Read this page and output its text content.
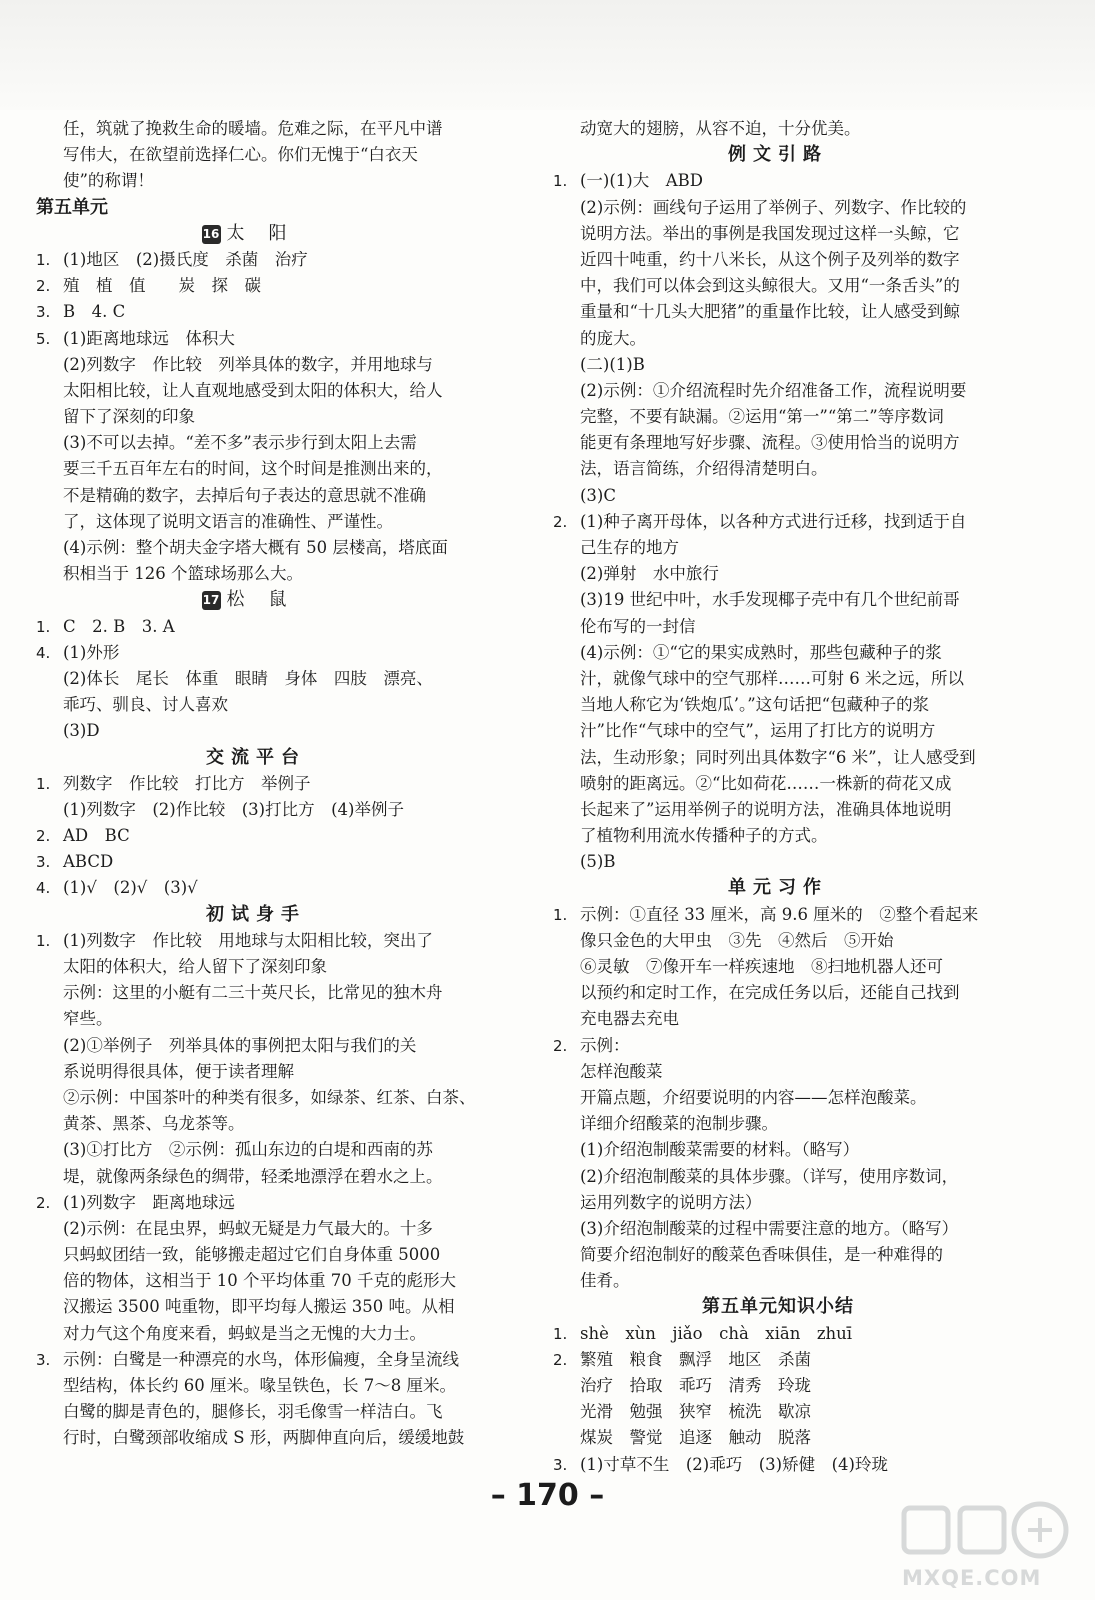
任，筑就了挽救生命的暖墙。危难之际，在平凡中谱
写伟大，在欲望前选择仁心。你们无愧于“白衣天
使”的称谓！
第五单元
16 太阳
1. (1)地区　(2)摄氏度　杀菌　治疗
2. 殖　植　值　　炭　探　碳
3. B　4. C
5. (1)距离地球远　体积大
(2)列数字　作比较　列举具体的数字，并用地球与
太阳相比较，让人直观地感受到太阳的体积大，给人
留下了深刻的印象
(3)不可以去掉。“差不多”表示步行到太阳上去需
要三千五百年左右的时间，这个时间是推测出来的，
不是精确的数字，去掉后句子表达的意思就不准确
了，这体现了说明文语言的准确性、严谨性。
(4)示例：整个胡夫金字塔大概有 50 层楼高，塔底面
积相当于 126 个篮球场那么大。
17 松鼠
1. C　2. B　3. A
4. (1)外形
(2)体长　尾长　体重　眼睛　身体　四肢　漂亮、
乖巧、驯良、讨人喜欢
(3)D
交流平台
1. 列数字　作比较　打比方　举例子
(1)列数字　(2)作比较　(3)打比方　(4)举例子
2. AD　BC
3. ABCD
4. (1)√　(2)√　(3)√
初试身手
1. (1)列数字　作比较　用地球与太阳相比较，突出了
太阳的体积大，给人留下了深刻印象
示例：这里的小艇有二三十英尺长，比常见的独木舟
窄些。
(2)①举例子　列举具体的事例把太阳与我们的关
系说明得很具体，便于读者理解
②示例：中国茶叶的种类有很多，如绿茶、红茶、白茶、
黄茶、黑茶、乌龙茶等。
(3)①打比方　②示例：孤山东边的白堤和西南的苏
堤，就像两条绿色的绸带，轻柔地漂浮在碧水之上。
2. (1)列数字　距离地球远
(2)示例：在昆虫界，蚂蚁无疑是力气最大的。十多
只蚂蚁团结一致，能够搬走超过它们自身体重 5000
倍的物体，这相当于 10 个平均体重 70 千克的彪形大
汉搬运 3500 吨重物，即平均每人搬运 350 吨。从相
对力气这个角度来看，蚂蚁是当之无愧的大力士。
3. 示例：白鹭是一种漂亮的水鸟，体形偏瘦，全身呈流线
型结构，体长约 60 厘米。喙呈铁色，长 7～8 厘米。
白鹭的脚是青色的，腿修长，羽毛像雪一样洁白。飞
行时，白鹭颈部收缩成 S 形，两脚伸直向后，缓缓地鼓
动宽大的翅膀，从容不迫，十分优美。
例文引路
1. (一)(1)大　ABD
(2)示例：画线句子运用了举例子、列数字、作比较的
说明方法。举出的事例是我国发现过这样一头鲸，它
近四十吨重，约十八米长，从这个例子及列举的数字
中，我们可以体会到这头鲸很大。又用“一条舌头”的
重量和“十几头大肥猪”的重量作比较，让人感受到鲸
的庞大。
(二)(1)B
(2)示例：①介绍流程时先介绍准备工作，流程说明要
完整，不要有缺漏。②运用“第一”“第二”等序数词
能更有条理地写好步骤、流程。③使用恰当的说明方
法，语言简练，介绍得清楚明白。
(3)C
2. (1)种子离开母体，以各种方式进行迁移，找到适于自
己生存的地方
(2)弹射　水中旅行
(3)19 世纪中叶，水手发现椰子壳中有几个世纪前哥
伦布写的一封信
(4)示例：①“它的果实成熟时，那些包藏种子的浆
汁，就像气球中的空气那样……可射 6 米之远，所以
当地人称它为‘铁炮瓜’。”这句话把“包藏种子的浆
汁”比作“气球中的空气”，运用了打比方的说明方
法，生动形象；同时列出具体数字“6 米”，让人感受到
喷射的距离远。②“比如荷花……一株新的荷花又成
长起来了”运用举例子的说明方法，准确具体地说明
了植物利用流水传播种子的方式。
(5)B
单元习作
1. 示例：①直径 33 厘米，高 9.6 厘米的　②整个看起来
像只金色的大甲虫　③先　④然后　⑤开始
⑥灵敏　⑦像开车一样疾速地　⑧扫地机器人还可
以预约和定时工作，在完成任务以后，还能自己找到
充电器去充电
2. 示例：
怎样泡酸菜
开篇点题，介绍要说明的内容——怎样泡酸菜。
详细介绍酸菜的泡制步骤。
(1)介绍泡制酸菜需要的材料。（略写）
(2)介绍泡制酸菜的具体步骤。（详写，使用序数词，
运用列数字的说明方法）
(3)介绍泡制酸菜的过程中需要注意的地方。（略写）
简要介绍泡制好的酸菜色香味俱佳，是一种难得的
佳肴。
第五单元知识小结
1. shè　xùn　jiǎo　chà　xiān　zhuī
2. 繁殖　粮食　飘浮　地区　杀菌
治疗　拾取　乖巧　清秀　玲珑
光滑　勉强　狭窄　梳洗　歇凉
煤炭　警觉　追逐　触动　脱落
3. (1)寸草不生　(2)乖巧　(3)矫健　(4)玲珑
– 170 –
MXQE.COM
